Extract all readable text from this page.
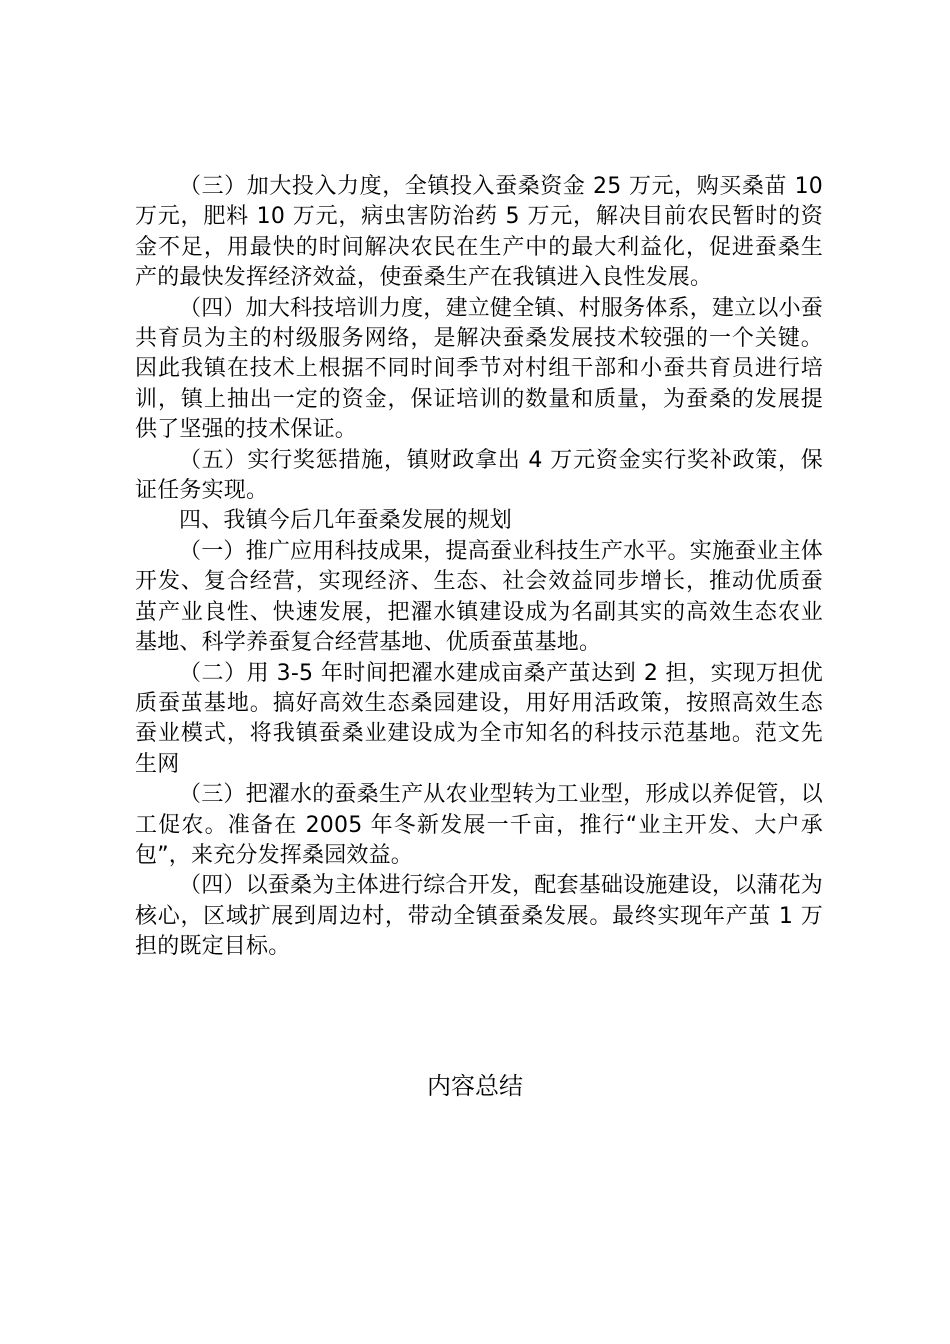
（三）加大投入力度，全镇投入蚕桑资金 25 万元，购买桑苗 10 万元，肥料 10 万元，病虫害防治药 5 万元，解决目前农民暂时的资金不足，用最快的时间解决农民在生产中的最大利益化，促进蚕桑生产的最快发挥经济效益，使蚕桑生产在我镇进入良性发展。

（四）加大科技培训力度，建立健全镇、村服务体系，建立以小蚕共育员为主的村级服务网络，是解决蚕桑发展技术较强的一个关键。因此我镇在技术上根据不同时间季节对村组干部和小蚕共育员进行培训，镇上抽出一定的资金，保证培训的数量和质量，为蚕桑的发展提供了坚强的技术保证。

（五）实行奖惩措施，镇财政拿出 4 万元资金实行奖补政策，保证任务实现。

四、我镇今后几年蚕桑发展的规划

（一）推广应用科技成果，提高蚕业科技生产水平。实施蚕业主体开发、复合经营，实现经济、生态、社会效益同步增长，推动优质蚕茧产业良性、快速发展，把濯水镇建设成为名副其实的高效生态农业基地、科学养蚕复合经营基地、优质蚕茧基地。

（二）用 3-5 年时间把濯水建成亩桑产茧达到 2 担，实现万担优质蚕茧基地。搞好高效生态桑园建设，用好用活政策，按照高效生态蚕业模式，将我镇蚕桑业建设成为全市知名的科技示范基地。范文先生网

（三）把濯水的蚕桑生产从农业型转为工业型，形成以养促管，以工促农。准备在 2005 年冬新发展一千亩，推行“业主开发、大户承包”，来充分发挥桑园效益。

（四）以蚕桑为主体进行综合开发，配套基础设施建设，以蒲花为核心，区域扩展到周边村，带动全镇蚕桑发展。最终实现年产茧 1 万担的既定目标。

内容总结
